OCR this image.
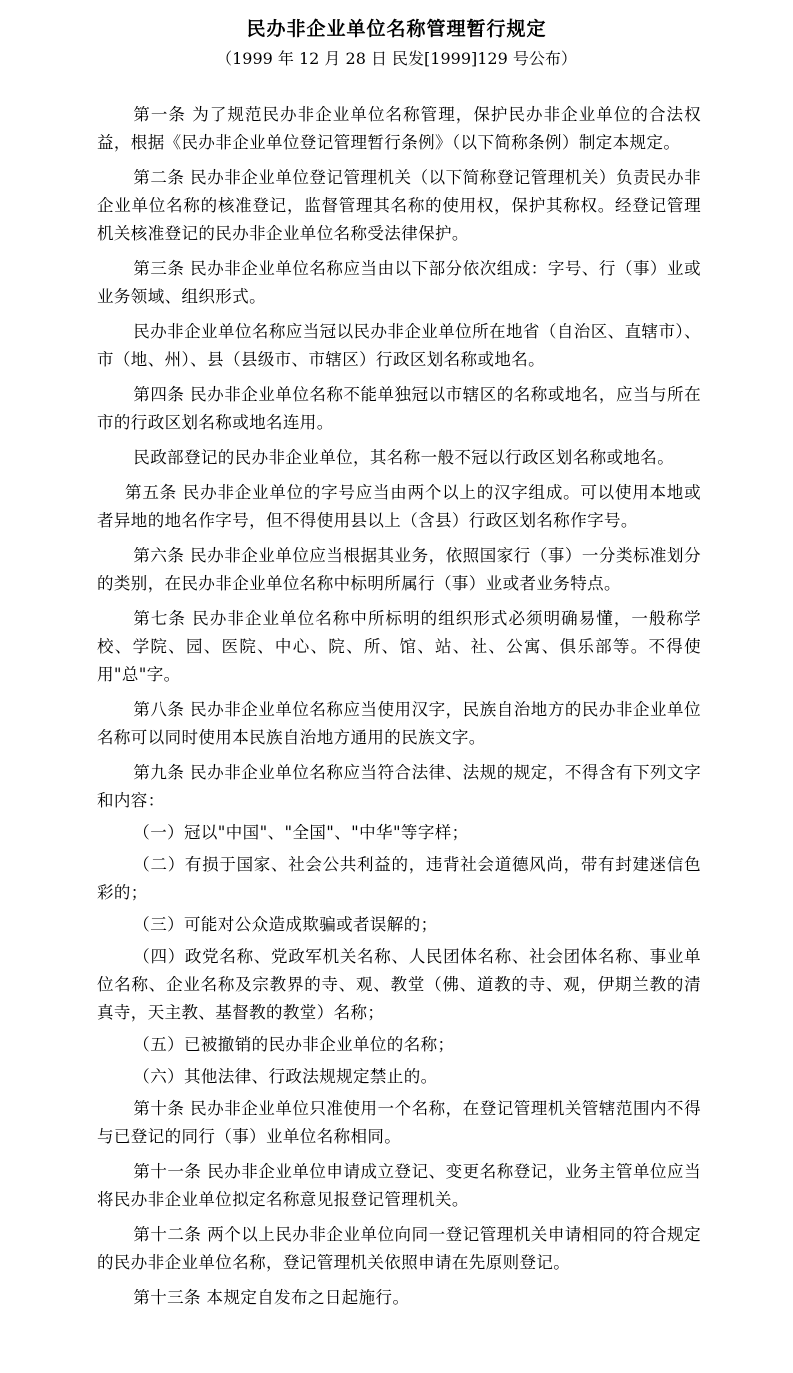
民办非企业单位名称管理暂行规定
（1999 年 12 月 28 日 民发[1999]129 号公布）

第一条 为了规范民办非企业单位名称管理，保护民办非企业单位的合法权益，根据《民办非企业单位登记管理暂行条例》（以下简称条例）制定本规定。

第二条 民办非企业单位登记管理机关（以下简称登记管理机关）负责民办非企业单位名称的核准登记，监督管理其名称的使用权，保护其称权。经登记管理机关核准登记的民办非企业单位名称受法律保护。

第三条 民办非企业单位名称应当由以下部分依次组成：字号、行（事）业或业务领域、组织形式。

民办非企业单位名称应当冠以民办非企业单位所在地省（自治区、直辖市）、市（地、州）、县（县级市、市辖区）行政区划名称或地名。

第四条 民办非企业单位名称不能单独冠以市辖区的名称或地名，应当与所在市的行政区划名称或地名连用。

民政部登记的民办非企业单位，其名称一般不冠以行政区划名称或地名。

第五条 民办非企业单位的字号应当由两个以上的汉字组成。可以使用本地或者异地的地名作字号，但不得使用县以上（含县）行政区划名称作字号。

第六条 民办非企业单位应当根据其业务，依照国家行（事）一分类标准划分的类别，在民办非企业单位名称中标明所属行（事）业或者业务特点。

第七条 民办非企业单位名称中所标明的组织形式必须明确易懂，一般称学校、学院、园、医院、中心、院、所、馆、站、社、公寓、俱乐部等。不得使用"总"字。

第八条 民办非企业单位名称应当使用汉字，民族自治地方的民办非企业单位名称可以同时使用本民族自治地方通用的民族文字。

第九条 民办非企业单位名称应当符合法律、法规的规定，不得含有下列文字和内容：

（一）冠以"中国"、"全国"、"中华"等字样；

（二）有损于国家、社会公共利益的，违背社会道德风尚，带有封建迷信色彩的；

（三）可能对公众造成欺骗或者误解的；

（四）政党名称、党政军机关名称、人民团体名称、社会团体名称、事业单位名称、企业名称及宗教界的寺、观、教堂（佛、道教的寺、观，伊期兰教的清真寺，天主教、基督教的教堂）名称；

（五）已被撤销的民办非企业单位的名称；

（六）其他法律、行政法规规定禁止的。

第十条 民办非企业单位只准使用一个名称，在登记管理机关管辖范围内不得与已登记的同行（事）业单位名称相同。

第十一条 民办非企业单位申请成立登记、变更名称登记，业务主管单位应当将民办非企业单位拟定名称意见报登记管理机关。

第十二条 两个以上民办非企业单位向同一登记管理机关申请相同的符合规定的民办非企业单位名称，登记管理机关依照申请在先原则登记。

第十三条 本规定自发布之日起施行。
